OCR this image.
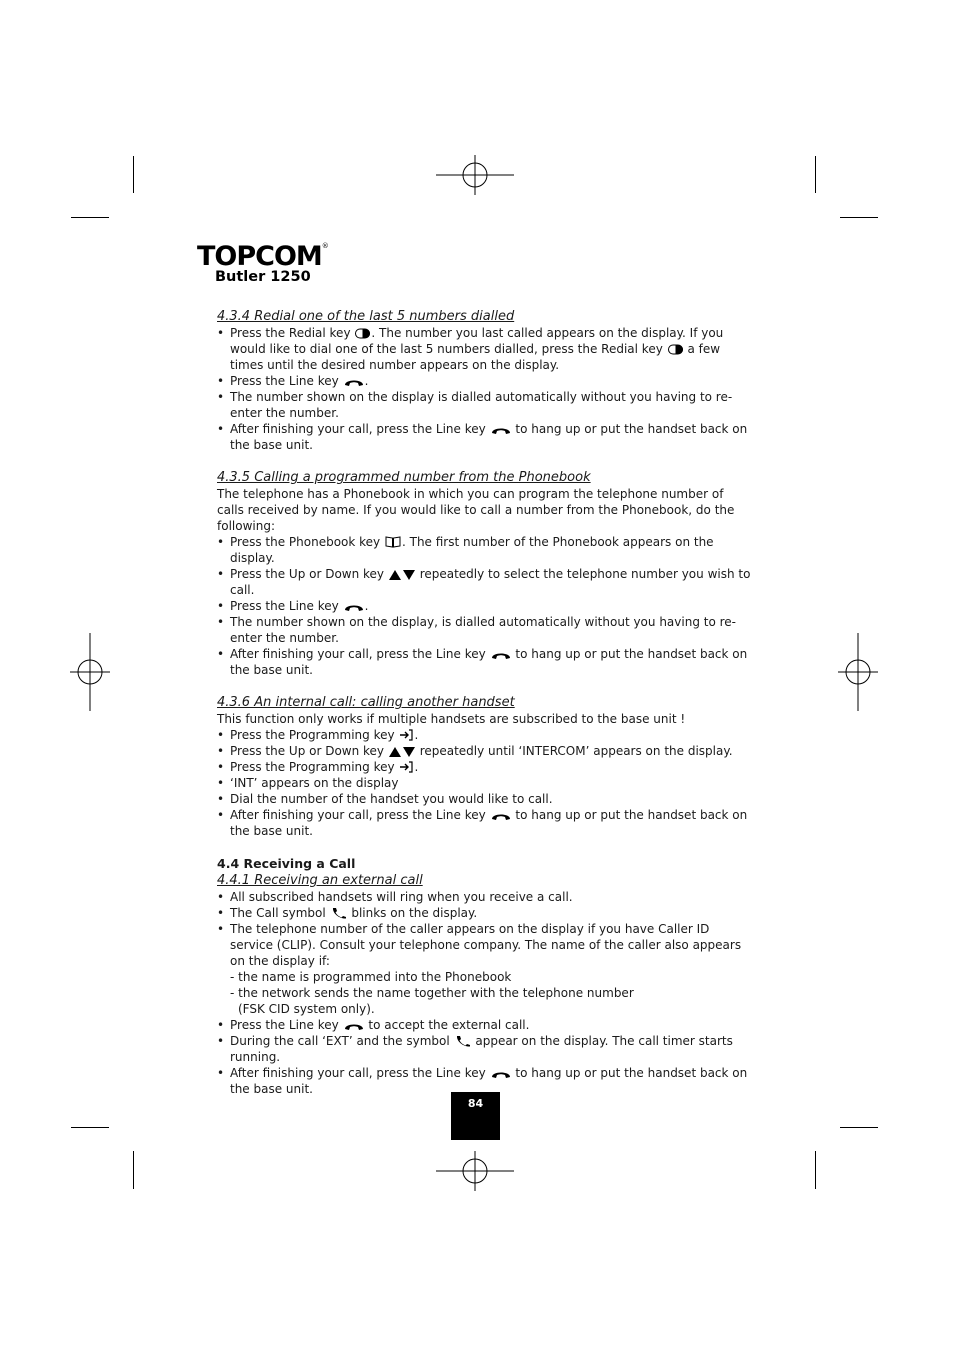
TOPCOM®
Butler 1250

4.3.4 Redial one of the last 5 numbers dialled

• Press the Redial key . The number you last called appears on the display. If you would like to dial one of the last 5 numbers dialled, press the Redial key a few times until the desired number appears on the display.
• Press the Line key .
• The number shown on the display is dialled automatically without you having to re-enter the number.
• After finishing your call, press the Line key to hang up or put the handset back on the base unit.

4.3.5 Calling a programmed number from the Phonebook

The telephone has a Phonebook in which you can program the telephone number of calls received by name. If you would like to call a number from the Phonebook, do the following:

• Press the Phonebook key . The first number of the Phonebook appears on the display.
• Press the Up or Down key	repeatedly to select the telephone number you wish to call.
• Press the Line key .
• The number shown on the display, is dialled automatically without you having to re-enter the number.
• After finishing your call, press the Line key to hang up or put the handset back on the base unit.

4.3.6 An internal call: calling another handset

This function only works if multiple handsets are subscribed to the base unit !

• Press the Programming key .
• Press the Up or Down key	repeatedly until ‘INTERCOM’ appears on the display.
• Press the Programming key .
• ‘INT’ appears on the display
• Dial the number of the handset you would like to call.
• After finishing your call, press the Line key to hang up or put the handset back on the base unit.

4.4 Receiving a Call

4.4.1 Receiving an external call

• All subscribed handsets will ring when you receive a call.
• The Call symbol blinks on the display.
• The telephone number of the caller appears on the display if you have Caller ID service (CLIP). Consult your telephone company. The name of the caller also appears on the display if:

- the name is programmed into the Phonebook

- the network sends the name together with the telephone number

(FSK CID system only).

• Press the Line key to accept the external call.
• During the call ‘EXT’ and the symbol appear on the display. The call timer starts running.
• After finishing your call, press the Line key to hang up or put the handset back on the base unit.
84
